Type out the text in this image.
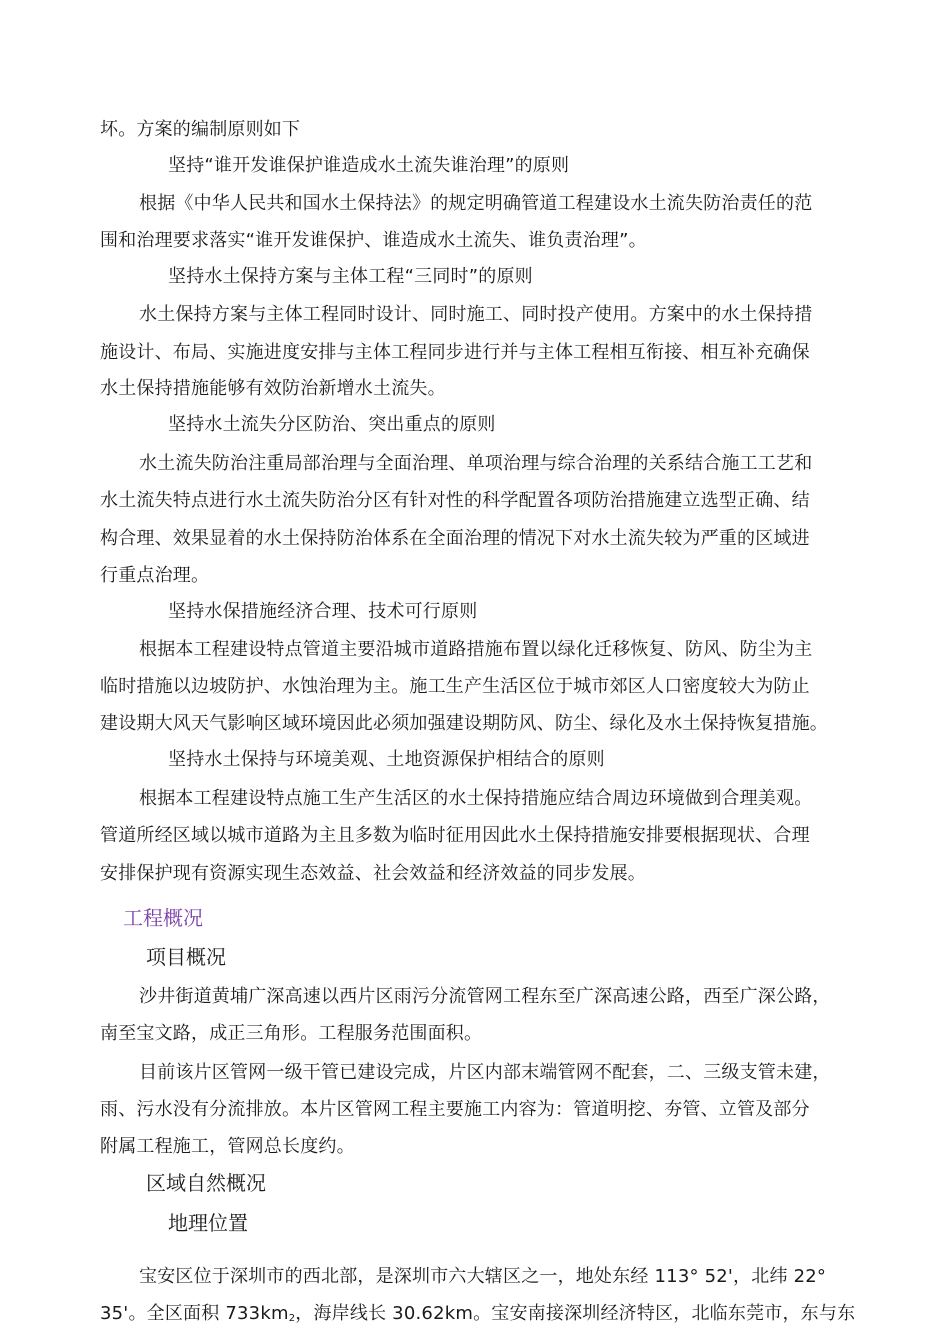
坏。方案的编制原则如下
坚持“谁开发谁保护谁造成水土流失谁治理”的原则
根据《中华人民共和国水土保持法》的规定明确管道工程建设水土流失防治责任的范
围和治理要求落实“谁开发谁保护、谁造成水土流失、谁负责治理”。
坚持水土保持方案与主体工程“三同时”的原则
水土保持方案与主体工程同时设计、同时施工、同时投产使用。方案中的水土保持措
施设计、布局、实施进度安排与主体工程同步进行并与主体工程相互衔接、相互补充确保
水土保持措施能够有效防治新增水土流失。
坚持水土流失分区防治、突出重点的原则
水土流失防治注重局部治理与全面治理、单项治理与综合治理的关系结合施工工艺和
水土流失特点进行水土流失防治分区有针对性的科学配置各项防治措施建立选型正确、结
构合理、效果显着的水土保持防治体系在全面治理的情况下对水土流失较为严重的区域进
行重点治理。
坚持水保措施经济合理、技术可行原则
根据本工程建设特点管道主要沿城市道路措施布置以绿化迁移恢复、防风、防尘为主
临时措施以边坡防护、水蚀治理为主。施工生产生活区位于城市郊区人口密度较大为防止
建设期大风天气影响区域环境因此必须加强建设期防风、防尘、绿化及水土保持恢复措施。
坚持水土保持与环境美观、土地资源保护相结合的原则
根据本工程建设特点施工生产生活区的水土保持措施应结合周边环境做到合理美观。
管道所经区域以城市道路为主且多数为临时征用因此水土保持措施安排要根据现状、合理
安排保护现有资源实现生态效益、社会效益和经济效益的同步发展。
工程概况
项目概况
沙井街道黄埔广深高速以西片区雨污分流管网工程东至广深高速公路，西至广深公路，
南至宝文路，成正三角形。工程服务范围面积。
目前该片区管网一级干管已建设完成，片区内部末端管网不配套，二、三级支管未建，
雨、污水没有分流排放。本片区管网工程主要施工内容为：管道明挖、夯管、立管及部分
附属工程施工，管网总长度约。
区域自然概况
地理位置
宝安区位于深圳市的西北部，是深圳市六大辖区之一，地处东经 113° 52'，北纬 22°
35'。全区面积 $733km_2$，海岸线长 30.62km。宝安南接深圳经济特区，北临东莞市，东与东
